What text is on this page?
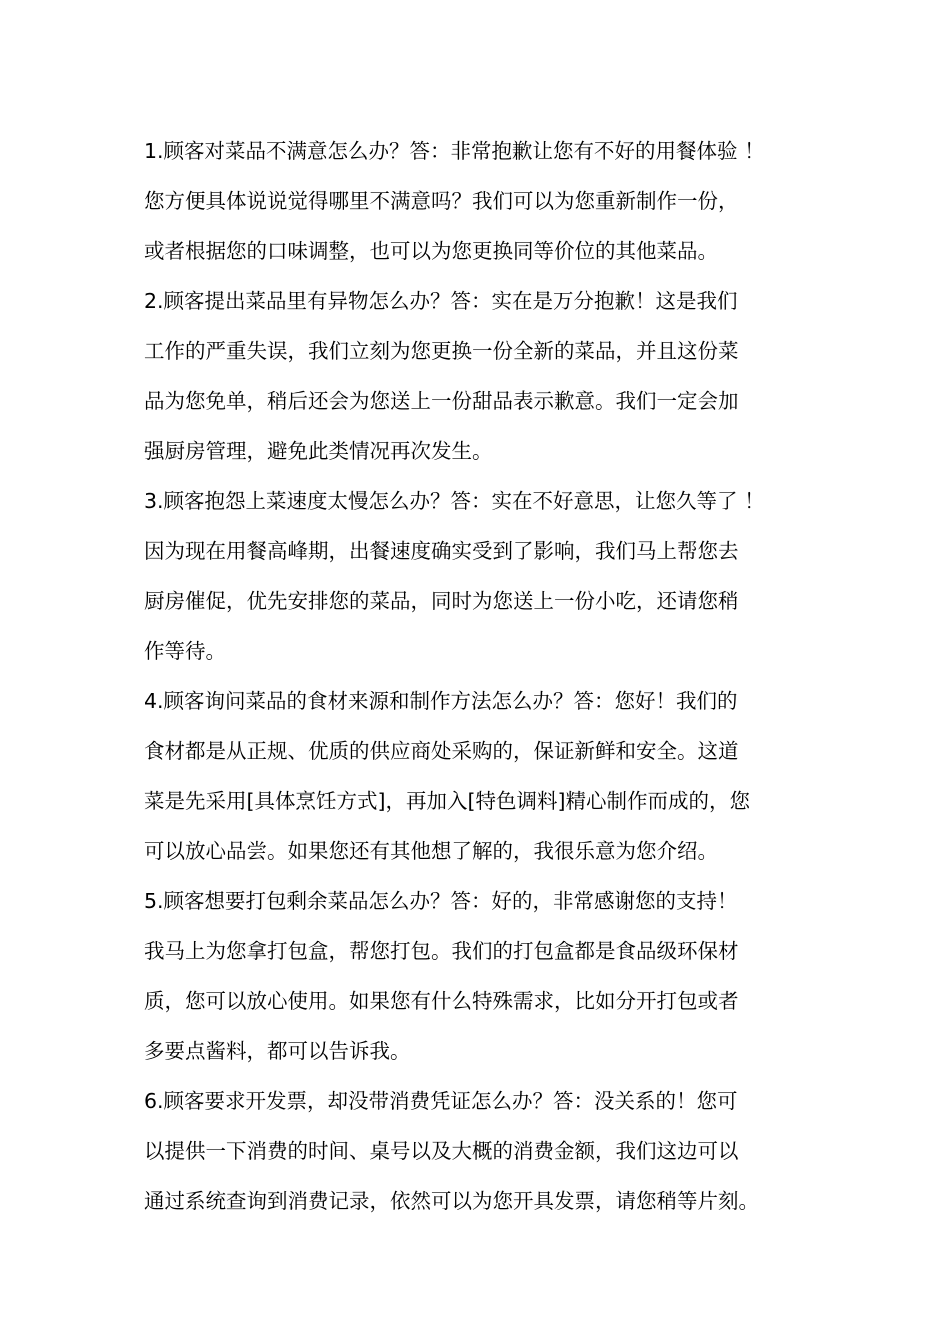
1.顾客对菜品不满意怎么办？答：非常抱歉让您有不好的用餐体验 ！
您方便具体说说觉得哪里不满意吗？我们可以为您重新制作一份，
或者根据您的口味调整，也可以为您更换同等价位的其他菜品。

2.顾客提出菜品里有异物怎么办？答：实在是万分抱歉！这是我们
工作的严重失误，我们立刻为您更换一份全新的菜品，并且这份菜
品为您免单，稍后还会为您送上一份甜品表示歉意。我们一定会加
强厨房管理，避免此类情况再次发生。

3.顾客抱怨上菜速度太慢怎么办？答：实在不好意思，让您久等了 ！
因为现在用餐高峰期，出餐速度确实受到了影响，我们马上帮您去
厨房催促，优先安排您的菜品，同时为您送上一份小吃，还请您稍
作等待。

4.顾客询问菜品的食材来源和制作方法怎么办？答：您好！我们的
食材都是从正规、优质的供应商处采购的，保证新鲜和安全。这道
菜是先采用[具体烹饪方式]，再加入[特色调料]精心制作而成的，您
可以放心品尝。如果您还有其他想了解的，我很乐意为您介绍。

5.顾客想要打包剩余菜品怎么办？答：好的，非常感谢您的支持！
我马上为您拿打包盒，帮您打包。我们的打包盒都是食品级环保材
质，您可以放心使用。如果您有什么特殊需求，比如分开打包或者
多要点酱料，都可以告诉我。

6.顾客要求开发票，却没带消费凭证怎么办？答：没关系的！您可
以提供一下消费的时间、桌号以及大概的消费金额，我们这边可以
通过系统查询到消费记录，依然可以为您开具发票，请您稍等片刻。
